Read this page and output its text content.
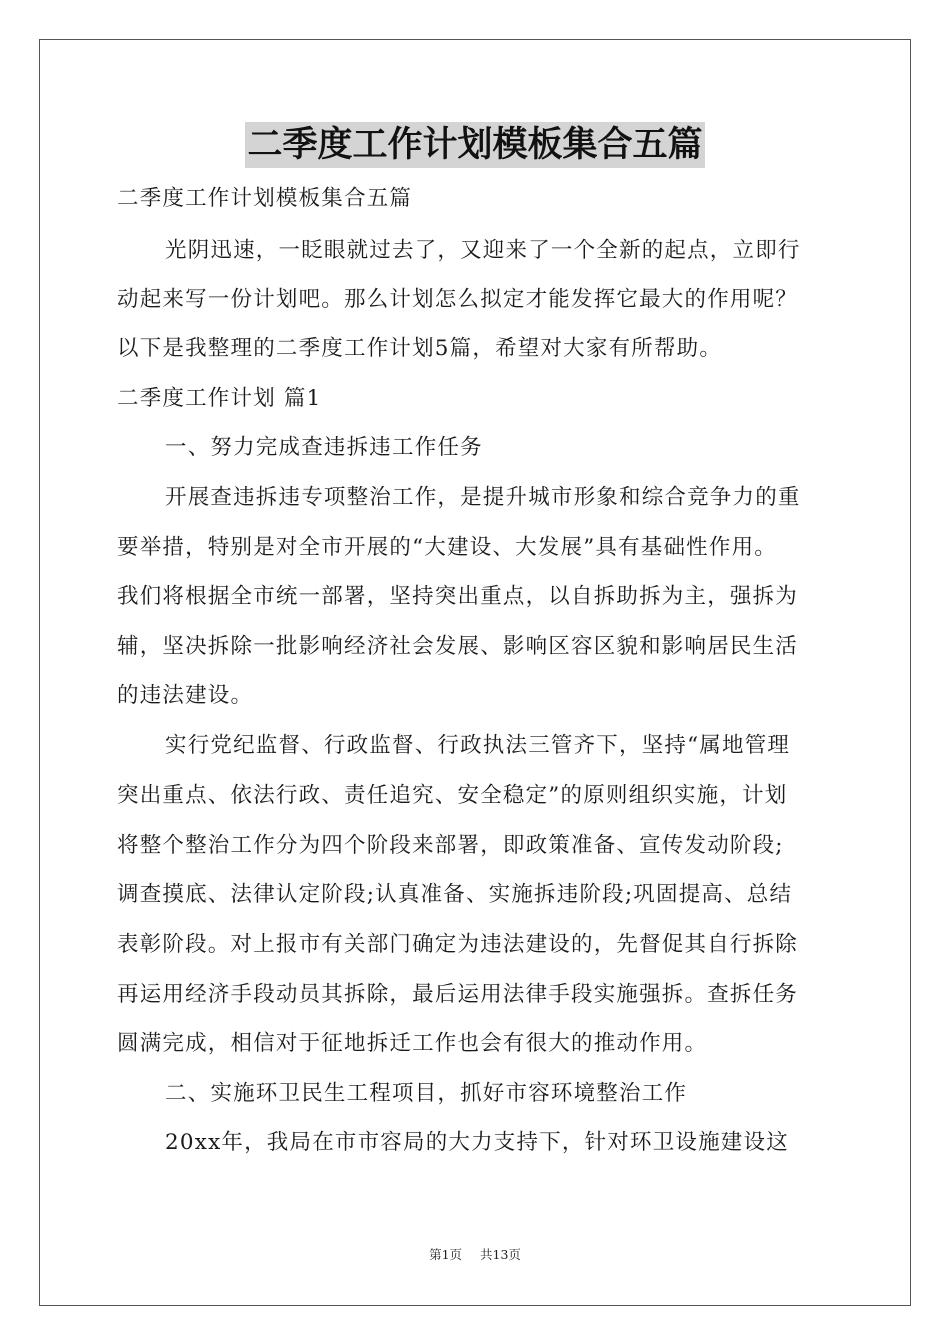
二季度工作计划模板集合五篇
二季度工作计划模板集合五篇
光阴迅速，一眨眼就过去了，又迎来了一个全新的起点，立即行
动起来写一份计划吧。那么计划怎么拟定才能发挥它最大的作用呢？
以下是我整理的二季度工作计划5篇，希望对大家有所帮助。
二季度工作计划 篇1
一、努力完成查违拆违工作任务
开展查违拆违专项整治工作，是提升城市形象和综合竞争力的重
要举措，特别是对全市开展的“大建设、大发展”具有基础性作用。
我们将根据全市统一部署，坚持突出重点，以自拆助拆为主，强拆为
辅，坚决拆除一批影响经济社会发展、影响区容区貌和影响居民生活
的违法建设。
实行党纪监督、行政监督、行政执法三管齐下，坚持“属地管理
突出重点、依法行政、责任追究、安全稳定”的原则组织实施，计划
将整个整治工作分为四个阶段来部署，即政策准备、宣传发动阶段;
调查摸底、法律认定阶段;认真准备、实施拆违阶段;巩固提高、总结
表彰阶段。对上报市有关部门确定为违法建设的，先督促其自行拆除
再运用经济手段动员其拆除，最后运用法律手段实施强拆。查拆任务
圆满完成，相信对于征地拆迁工作也会有很大的推动作用。
二、实施环卫民生工程项目，抓好市容环境整治工作
20xx年，我局在市市容局的大力支持下，针对环卫设施建设这
第1页 共13页
